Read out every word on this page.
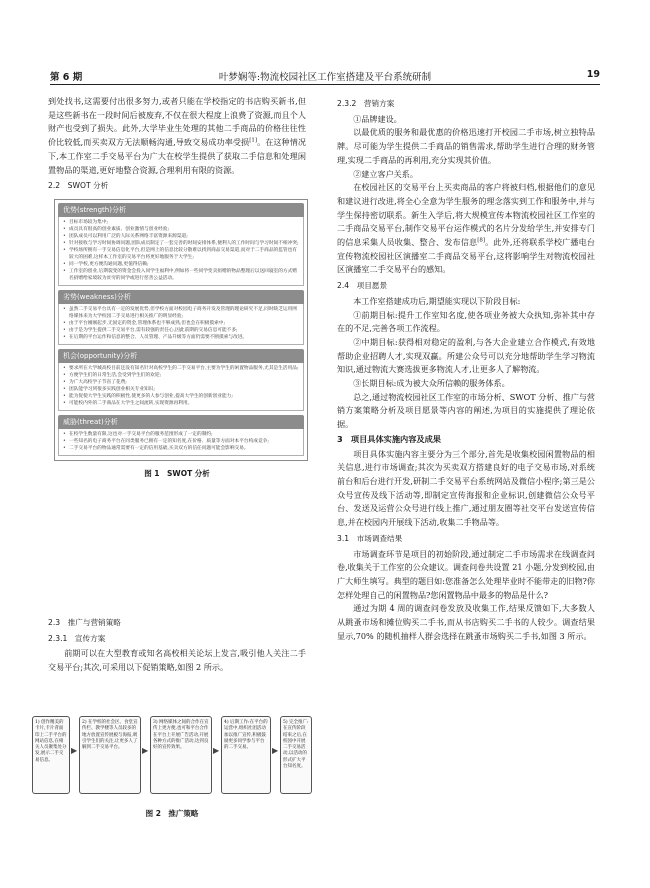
第 6 期	叶梦娴等:物流校园社区工作室搭建及平台系统研制	19

到处找书,这需要付出很多努力,或者只能在学校指定的书店购买新书,但是这些新书在一段时间后被废弃,不仅在很大程度上浪费了资源,而且个人财产也受到了损失。此外,大学毕业生处理的其他二手商品的价格往往性价比较低,而买卖双方无法顺畅沟通,导致交易成功率受损[1]。在这种情况下,本工作室二手交易平台为广大在校学生提供了获取二手信息和处理闲置物品的渠道,更好地整合资源,合理利用有限的资源。

2.2　SWOT 分析
优势(strength)分析
• 目标市场较为集中;
• 成员具有很高的创业素质、创业激情与创业经验;
• 团队成员可以利用广泛的人际关系网络丰富资源来源渠道;
• 针对接收与学习时间协调问题,团队成员制定了一套完善的时间安排体系,便利人的工作时间与学习时间不相冲突;
• 学校场所拥有一手交易信息化平台,但是网上的信息比较分散难以找到商品交易渠道,而对于二手商品的监管也有较大的困难,这样本工作室的交易平台将更好地服务于大学生;
• 同一学校,更方便沟通问题,更值得信赖;
• 工作室的创业,后期裂变的资金会投入同学生福利中,例如将一些同学变卖捐赠的物品整理后以送回寝室的方式赠名捐赠给家境较为贫穷的同学或进行慈善公益活动。
劣势(weakness)分析
• 虽然二手交易平台具有一定的发展优势,但学校方面对校园电子商务开发及管理的理论研究不足,同时缺乏运用网络媒体来为大学校园二手交易进行相关推广的明显经验;
• 由于平台刚刚起步,无固定的资金,管理体系也不够成熟,但也会在积极摸索中;
• 由于是为学生提供二手交易平台,需有较强的责任心,因此前期的交易信息可能不多;
• 在后期的平台运作和信息的整合、人员管理、产品升级等方面仍需要不断摸索与改进。
机会(opportunity)分析
• 要求所在大学城高校目前还没有知名针对高校学生的二手交易平台,主要为学生的闲置物品服务,尤其是生活用品;
• 方便学生们的日常生活,会受到学生们的欢迎;
• 为广大高校学子节省了花费;
• 团队能学习到很多实践创业相关专业知识;
• 能为促使大学生实践的积极性,使更多的人参与创业,提高大学生的创新创业能力;
• 可能校内外的二手商品在大学生之间流转,实现资源再利用。
威胁(threat)分析
• 在校学生数量有限,这也对一手交易平台的服务范围形成了一定的制约;
• 一些知名的电子商务平台在同类服务已拥有一定的知名度,在价格、质量等方面对本平台构成竞争;
• 二手交易平台的物品通常需要有一定的信用基础,买卖双方的信任问题可能会影响交易。
图 1　SWOT 分析
2.3　推广与营销策略
2.3.1　宣传方案

前期可以在大型教育或知名高校相关论坛上发言,吸引他人关注二手交易平台;其次,可采用以下促销策略,如图 2 所示。

1) 创作精美的卡片,卡片背面印上二手平台的网站信息,在相关人员聚集处分发,展示二手交易信息。
▶
2) 在学校的社会区、食堂宣传栏、教学楼等人员较多的地方放置宣传展板与海报,吸引学生们的关注,让更多人了解到二手交易平台。	▶
3) 网络媒体之间的合作在宣传上更方便,也可和平台合作在平台上开展广告活动,开展各种方式的推广活动,达到良好的宣传效果。	▶
4) 后期工作:在平台的运营中,组织社团活动加以推广宣传,积极鼓励更多同学参与平台的二手交易。	▶
5) 完全推广:在宣传阶段结束之后,在校园中开展二手交易活动,以活动的形式扩大平台知名度。
图 2　推广策略
2.3.2　营销方案

①品牌建设。

以最优质的服务和最优惠的价格迅速打开校园二手市场,树立独特品牌。尽可能为学生提供二手商品的销售需求,帮助学生进行合理的财务管理,实现二手商品的再利用,充分实现其价值。

②建立客户关系。

在校园社区的交易平台上买卖商品的客户将被归档,根据他们的意见和建议进行改进,将全心全意为学生服务的理念落实到工作和服务中,并与学生保持密切联系。新生入学后,将大规模宣传本物流校园社区工作室的二手商品交易平台,制作交易平台运作模式的名片分发给学生,并安排专门的信息采集人员收集、整合、发布信息[8]。此外,还将联系学校广播电台宣传物流校园社区演播室二手商品交易平台,这将影响学生对物流校园社区演播室二手交易平台的感知。

2.4　项目愿景

本工作室搭建成功后,期望能实现以下阶段目标:

①前期目标:提升工作室知名度,使各项业务被大众执知,弥补其中存在的不足,完善各项工作流程。

②中期目标:获得相对稳定的盈利,与各大企业建立合作模式,有效地帮助企业招聘人才,实现双赢。所建公众号可以充分地帮助学生学习物流知识,通过物流大赛选拔更多物流人才,让更多人了解物流。

③长期目标:成为被大众所信赖的服务体系。

总之,通过物流校园社区工作室的市场分析、SWOT 分析、推广与营销方案策略分析及项目愿景等内容的阐述,为项目的实施提供了理论依据。

3　项目具体实施内容及成果

项目具体实施内容主要分为三个部分,首先是收集校园闲置物品的相关信息,进行市场调查;其次为买卖双方搭建良好的电子交易市场,对系统前台和后台进行开发,研制二手交易平台系统网站及微信小程序;第三是公众号宣传及线下活动等,即制定宣传海报和企业标识,创建微信公众号平台、发送及运营公众号进行线上推广,通过朋友圈等社交平台发送宣传信息,并在校园内开展线下活动,收集二手物品等。

3.1　市场调查结果

市场调查环节是项目的初始阶段,通过制定二手市场需求在线调查问卷,收集关于工作室的公众建议。调查问卷共设置 21 小题,分发到校园,由广大师生填写。典型的题目如:您准备怎么处理毕业时不能带走的旧物?你怎样处理自己的闲置物品?您闲置物品中最多的物品是什么?

通过为期 4 周的调查问卷发放及收集工作,结果反馈如下,大多数人从跳蚤市场和摊位购买二手书,而从书店购买二手书的人较少。调查结果显示,70% 的随机抽样人群会选择在跳蚤市场购买二手书,如图 3 所示。
